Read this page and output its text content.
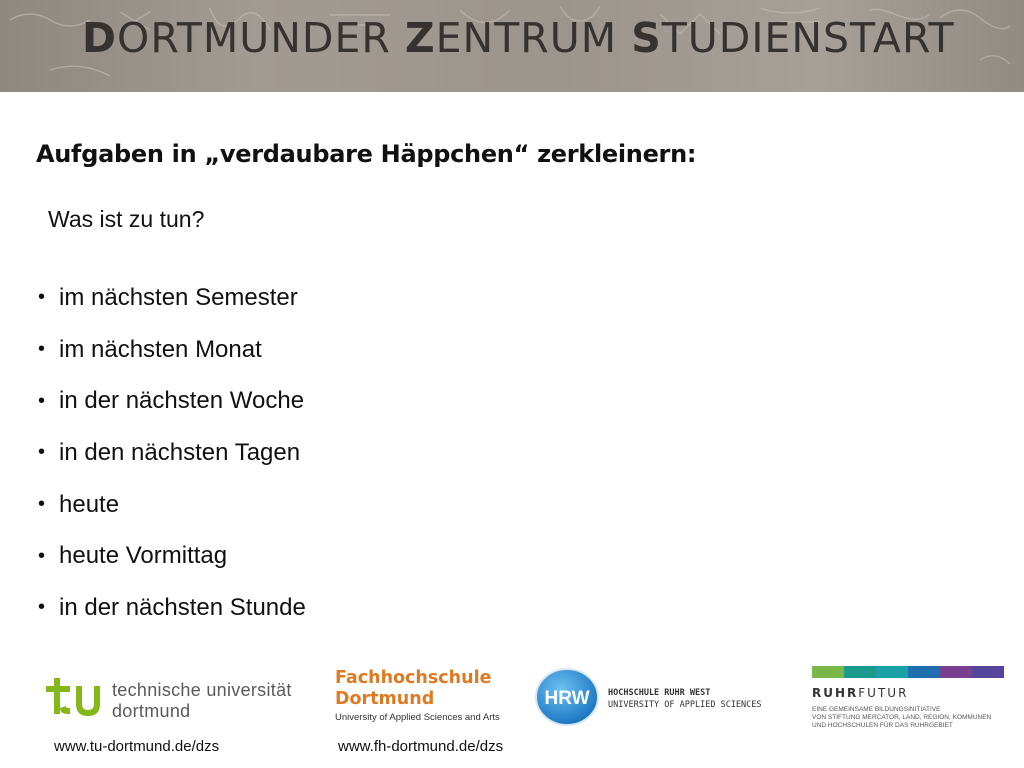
DORTMUNDER ZENTRUM STUDIENSTART
Aufgaben in „verdaubare Häppchen“ zerkleinern:
Was ist zu tun?
• im nächsten Semester
• im nächsten Monat
• in der nächsten Woche
• in den nächsten Tagen
• heute
• heute Vormittag
• in der nächsten Stunde
technische universität
dortmund
Fachhochschule
Dortmund
University of Applied Sciences and Arts
HRW HOCHSCHULE RUHR WEST
UNIVERSITY OF APPLIED SCIENCES
RUHRFUTUR
EINE GEMEINSAME BILDUNGSINITIATIVE
VON STIFTUNG MERCATOR, LAND, REGION, KOMMUNEN
UND HOCHSCHULEN FÜR DAS RUHRGEBIET
www.tu-dortmund.de/dzs	www.fh-dortmund.de/dzs
